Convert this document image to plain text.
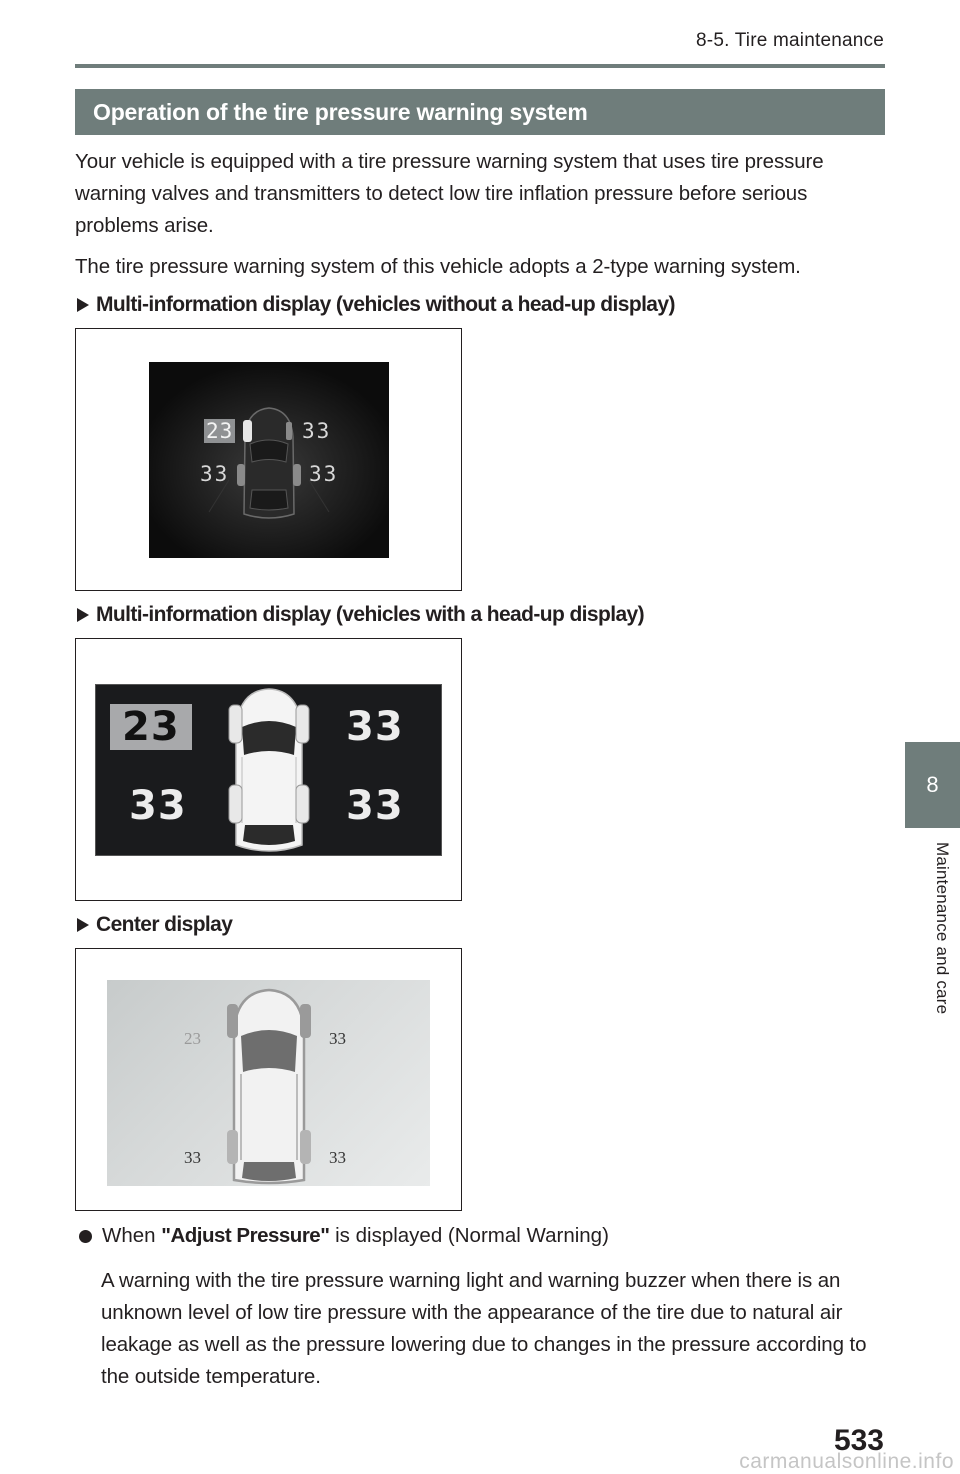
8-5. Tire maintenance
Operation of the tire pressure warning system

Your vehicle is equipped with a tire pressure warning system that uses tire pressure warning valves and transmitters to detect low tire inflation pressure before serious problems arise.

The tire pressure warning system of this vehicle adopts a 2-type warning system.

Multi-information display (vehicles without a head-up display)
23	33
33	33
Multi-information display (vehicles with a head-up display)
23	33
33	33
Center display
23	33
33	33
When "Adjust Pressure" is displayed (Normal Warning)

A warning with the tire pressure warning light and warning buzzer when there is an unknown level of low tire pressure with the appearance of the tire due to natural air leakage as well as the pressure lowering due to changes in the pressure according to the outside temperature.

8
Maintenance and care
533
carmanualsonline.info
